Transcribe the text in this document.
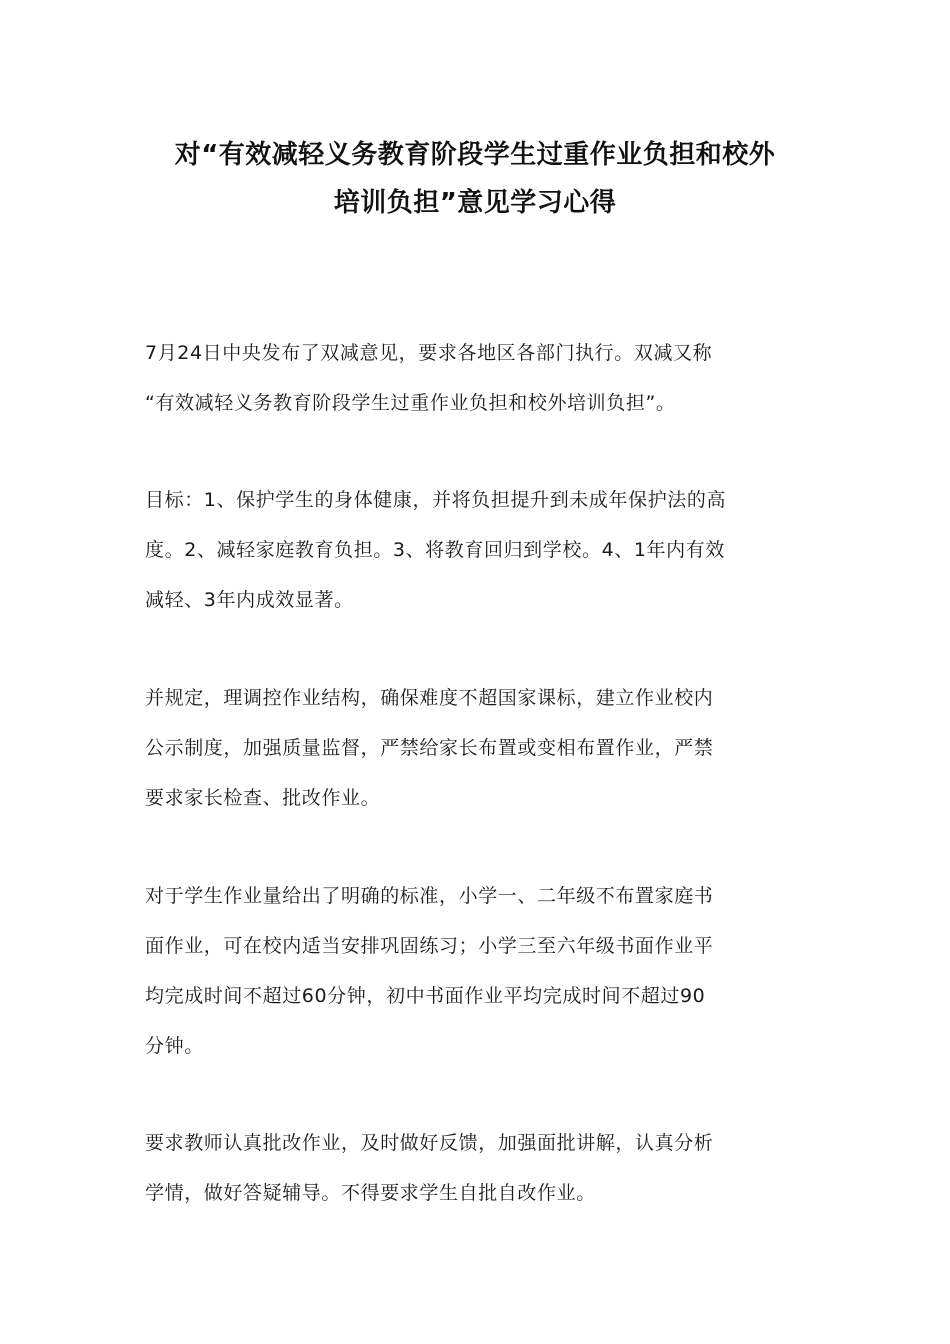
对“有效减轻义务教育阶段学生过重作业负担和校外
培训负担”意见学习心得
7月24日中央发布了双减意见，要求各地区各部门执行。双减又称
“有效减轻义务教育阶段学生过重作业负担和校外培训负担”。
目标：1、保护学生的身体健康，并将负担提升到未成年保护法的高
度。2、减轻家庭教育负担。3、将教育回归到学校。4、1年内有效
减轻、3年内成效显著。
并规定，理调控作业结构，确保难度不超国家课标，建立作业校内
公示制度，加强质量监督，严禁给家长布置或变相布置作业，严禁
要求家长检查、批改作业。
对于学生作业量给出了明确的标准，小学一、二年级不布置家庭书
面作业，可在校内适当安排巩固练习；小学三至六年级书面作业平
均完成时间不超过60分钟，初中书面作业平均完成时间不超过90
分钟。
要求教师认真批改作业，及时做好反馈，加强面批讲解，认真分析
学情，做好答疑辅导。不得要求学生自批自改作业。
